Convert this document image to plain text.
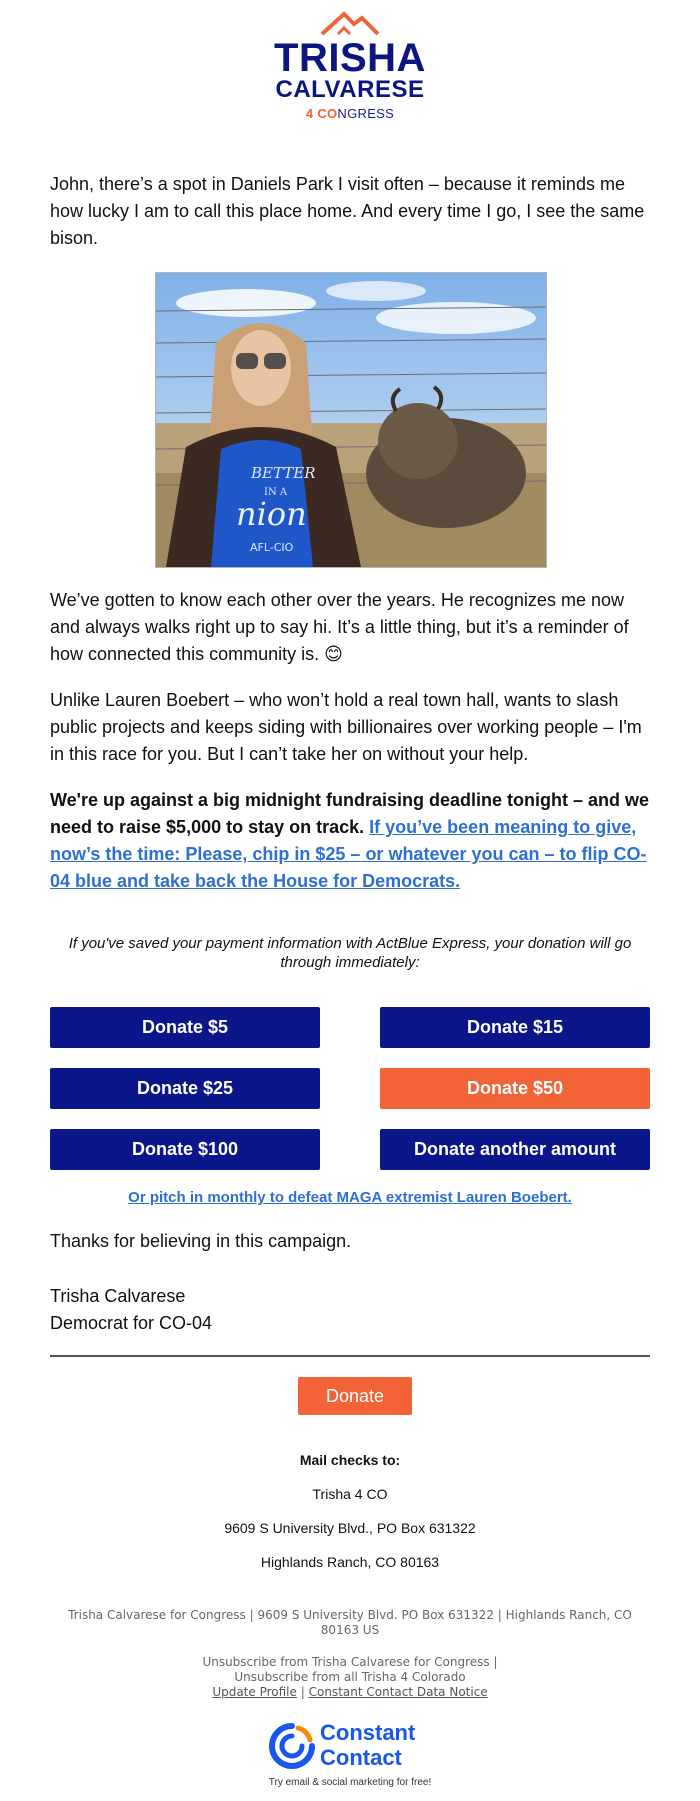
TRISHA
CALVARESE
4 CONGRESS
John, there’s a spot in Daniels Park I visit often – because it reminds me how lucky I am to call this place home. And every time I go, I see the same bison.
BETTER
IN A
nion
AFL-CIO
We’ve gotten to know each other over the years. He recognizes me now and always walks right up to say hi. It’s a little thing, but it’s a reminder of how connected this community is. 😊
Unlike Lauren Boebert – who won’t hold a real town hall, wants to slash public projects and keeps siding with billionaires over working people – I'm in this race for you. But I can’t take her on without your help.
We're up against a big midnight fundraising deadline tonight – and we need to raise $5,000 to stay on track. If you’ve been meaning to give, now’s the time: Please, chip in $25 – or whatever you can – to flip CO-04 blue and take back the House for Democrats.
If you've saved your payment information with ActBlue Express, your donation will go through immediately:
Donate $5	Donate $15
Donate $25	Donate $50
Donate $100	Donate another amount
Or pitch in monthly to defeat MAGA extremist Lauren Boebert.
Thanks for believing in this campaign.
Trisha Calvarese
Democrat for CO-04
Donate
Mail checks to:
Trisha 4 CO
9609 S University Blvd., PO Box 631322
Highlands Ranch, CO 80163
Trisha Calvarese for Congress | 9609 S University Blvd. PO Box 631322 | Highlands Ranch, CO 80163 US
Unsubscribe from Trisha Calvarese for Congress |
Unsubscribe from all Trisha 4 Colorado
Update Profile | Constant Contact Data Notice
Constant
Contact
Try email & social marketing for free!
